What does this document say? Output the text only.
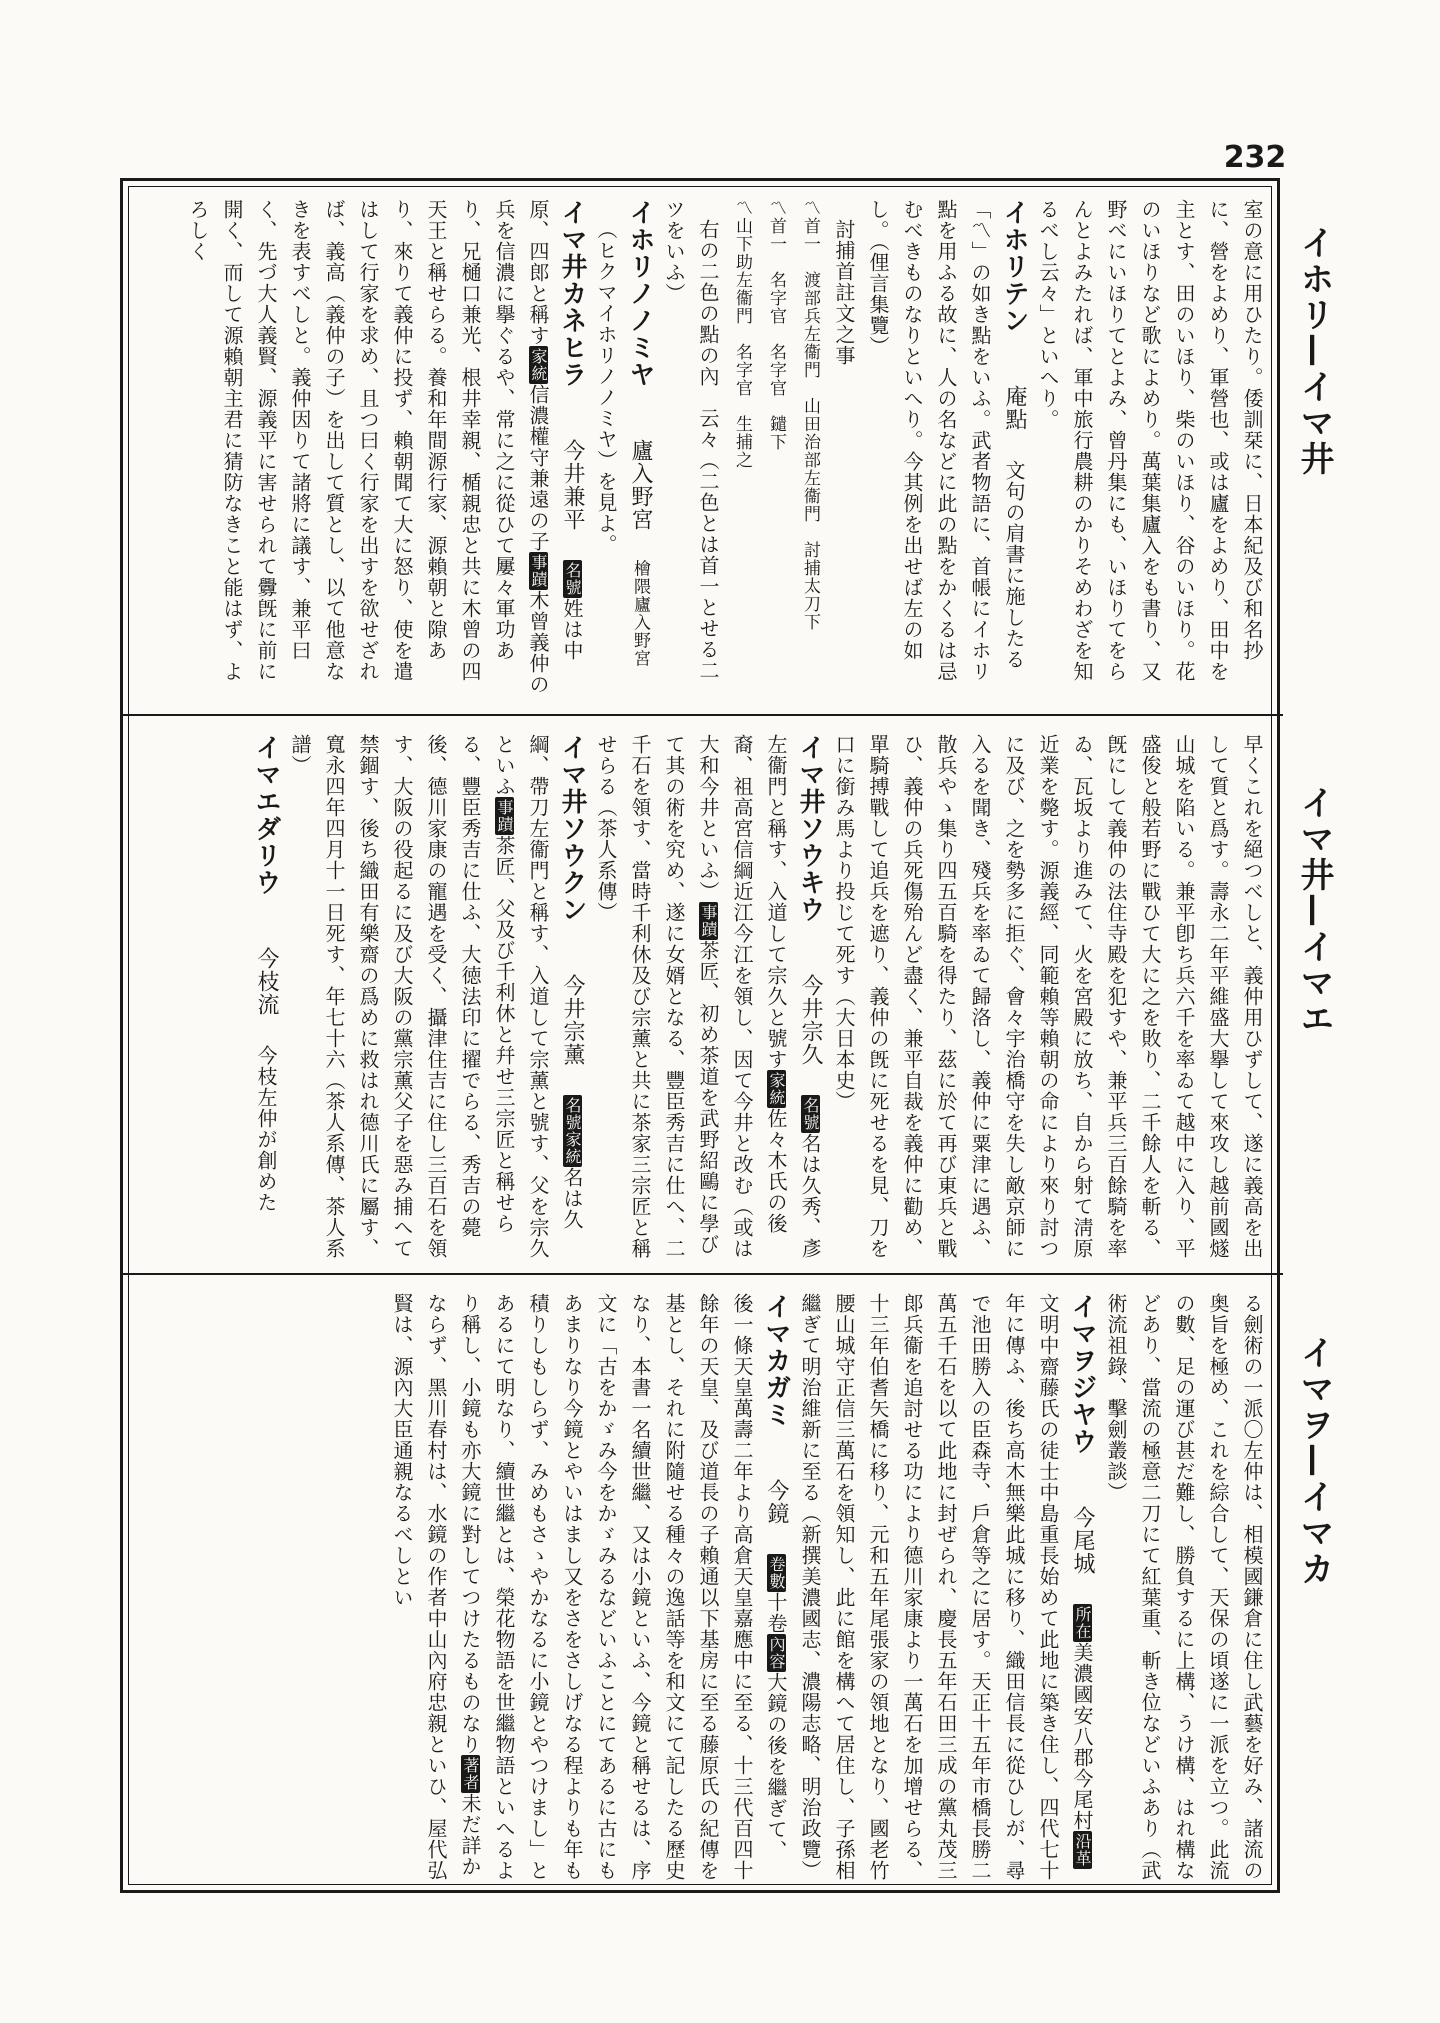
232
イホリ—イマ井
イマ井—イマエ
イマヲ—イマカ

室の意に用ひたり。倭訓栞に、日本紀及び和名抄に、營をよめり、軍營也、或は廬をよめり、田中を主とす、田のいほり、柴のいほり、谷のいほり。花のいほりなど歌によめり。萬葉集廬入をも書り、又野べにいほりてとよみ、曾丹集にも、いほりてをらんとよみたれば、軍中旅行農耕のかりそめわざを知るべし云々」といへり。

イホリテン 庵點 　文句の肩書に施したる「〽」の如き點をいふ。武者物語に、首帳にイホリ點を用ふる故に、人の名などに此の點をかくるは忌むべきものなりといへり。今其例を出せば左の如し。（俚言集覽）

討捕首註文之事

〽首一　渡部兵左衞門　山田治部左衞門　討捕太刀下

〽首一　名字官　名字官　鑓下

〽山下助左衞門　名字官　生捕之

右の二色の點の內　云々（二色とは首一とせる二ツをいふ）

イホリノノミヤ 廬入野宮 　檜隈廬入野宮

（ヒクマイホリノノミヤ）を見よ。

イマ井カネヒラ 今井兼平 　名號姓は中原、四郎と稱す家統信濃權守兼遠の子事蹟木曾義仲の兵を信濃に擧ぐるや、常に之に從ひて屢々軍功あり、兄樋口兼光、根井幸親、楯親忠と共に木曾の四天王と稱せらる。養和年間源行家、源賴朝と隙あり、來りて義仲に投ず、賴朝聞て大に怒り、使を遣はして行家を求め、且つ曰く行家を出すを欲せざれば、義高（義仲の子）を出して質とし、以て他意なきを表すべしと。義仲因りて諸將に議す、兼平曰く、先づ大人義賢、源義平に害せられて釁旣に前に開く、而して源賴朝主君に猜防なきこと能はず、よろしく

早くこれを絕つべしと、義仲用ひずして、遂に義高を出して質と爲す。壽永二年平維盛大擧して來攻し越前國燧山城を陷いる。兼平卽ち兵六千を率ゐて越中に入り、平盛俊と般若野に戰ひて大に之を敗り、二千餘人を斬る、旣にして義仲の法住寺殿を犯すや、兼平兵三百餘騎を率ゐ、瓦坂より進みて、火を宮殿に放ち、自から射て淸原近業を斃す。源義經、同範賴等賴朝の命により來り討つに及び、之を勢多に拒ぐ、會々宇治橋守を失し敵京師に入るを聞き、殘兵を率ゐて歸洛し、義仲に粟津に遇ふ、散兵やゝ集り四五百騎を得たり、茲に於て再び東兵と戰ひ、義仲の兵死傷殆んど盡く、兼平自裁を義仲に勸め、單騎搏戰して追兵を遮り、義仲の旣に死せるを見、刀を口に銜み馬より投じて死す（大日本史）

イマ井ソウキウ 今井宗久 　名號名は久秀、彥左衞門と稱す、入道して宗久と號す家統佐々木氏の後裔、祖高宮信綱近江今江を領し、因て今井と改む（或は大和今井といふ）事蹟茶匠、初め茶道を武野紹鷗に學びて其の術を究め、遂に女婿となる、豐臣秀吉に仕へ、二千石を領す、當時千利休及び宗薰と共に茶家三宗匠と稱せらる（茶人系傳）

イマ井ソウクン 今井宗薰 　名號家統名は久綱、帶刀左衞門と稱す、入道して宗薰と號す、父を宗久といふ事蹟茶匠、父及び千利休と幷せ三宗匠と稱せらる、豐臣秀吉に仕ふ、大徳法印に擢でらる、秀吉の薨後、德川家康の寵遇を受く、攝津住吉に住し三百石を領す、大阪の役起るに及び大阪の黨宗薰父子を惡み捕へて禁錮す、後ち織田有樂齋の爲めに救はれ德川氏に屬す、寬永四年四月十一日死す、年七十六（茶人系傳、茶人系譜）

イマエダリウ 今枝流 　今枝左仲が創めた

る劍術の一派〇左仲は、相模國鎌倉に住し武藝を好み、諸流の奥旨を極め、これを綜合して、天保の頃遂に一派を立つ。此流の數、足の運び甚だ難し、勝負するに上構、うけ構、はれ構などあり、當流の極意二刀にて紅葉重、斬き位などいふあり（武術流祖錄、擊劍叢談）

イマヲジヤウ 今尾城 　所在美濃國安八郡今尾村沿革文明中齋藤氏の徒士中島重長始めて此地に築き住し、四代七十年に傳ふ、後ち高木無樂此城に移り、織田信長に從ひしが、尋で池田勝入の臣森寺、戶倉等之に居す。天正十五年市橋長勝二萬五千石を以て此地に封ぜられ、慶長五年石田三成の黨丸茂三郞兵衞を追討せる功により德川家康より一萬石を加增せらる、十三年伯耆矢橋に移り、元和五年尾張家の領地となり、國老竹腰山城守正信三萬石を領知し、此に館を構へて居住し、子孫相繼ぎて明治維新に至る（新撰美濃國志、濃陽志略、明治政覽）

イマカガミ 今鏡 　卷數十卷內容大鏡の後を繼ぎて、後一條天皇萬壽二年より高倉天皇嘉應中に至る、十三代百四十餘年の天皇、及び道長の子賴通以下基房に至る藤原氏の紀傳を基とし、それに附隨せる種々の逸話等を和文にて記したる歷史なり、本書一名續世繼、又は小鏡といふ、今鏡と稱せるは、序文に「古をかゞみ今をかゞみるなどいふことにてあるに古にもあまりなり今鏡とやいはまし又をさをさしげなる程よりも年も積りしもしらず、みめもさゝやかなるに小鏡とやつけまし」とあるにて明なり、續世繼とは、榮花物語を世繼物語といへるより稱し、小鏡も亦大鏡に對してつけたるものなり著者未だ詳かならず、黑川春村は、水鏡の作者中山內府忠親といひ、屋代弘賢は、源內大臣通親なるべしとい
